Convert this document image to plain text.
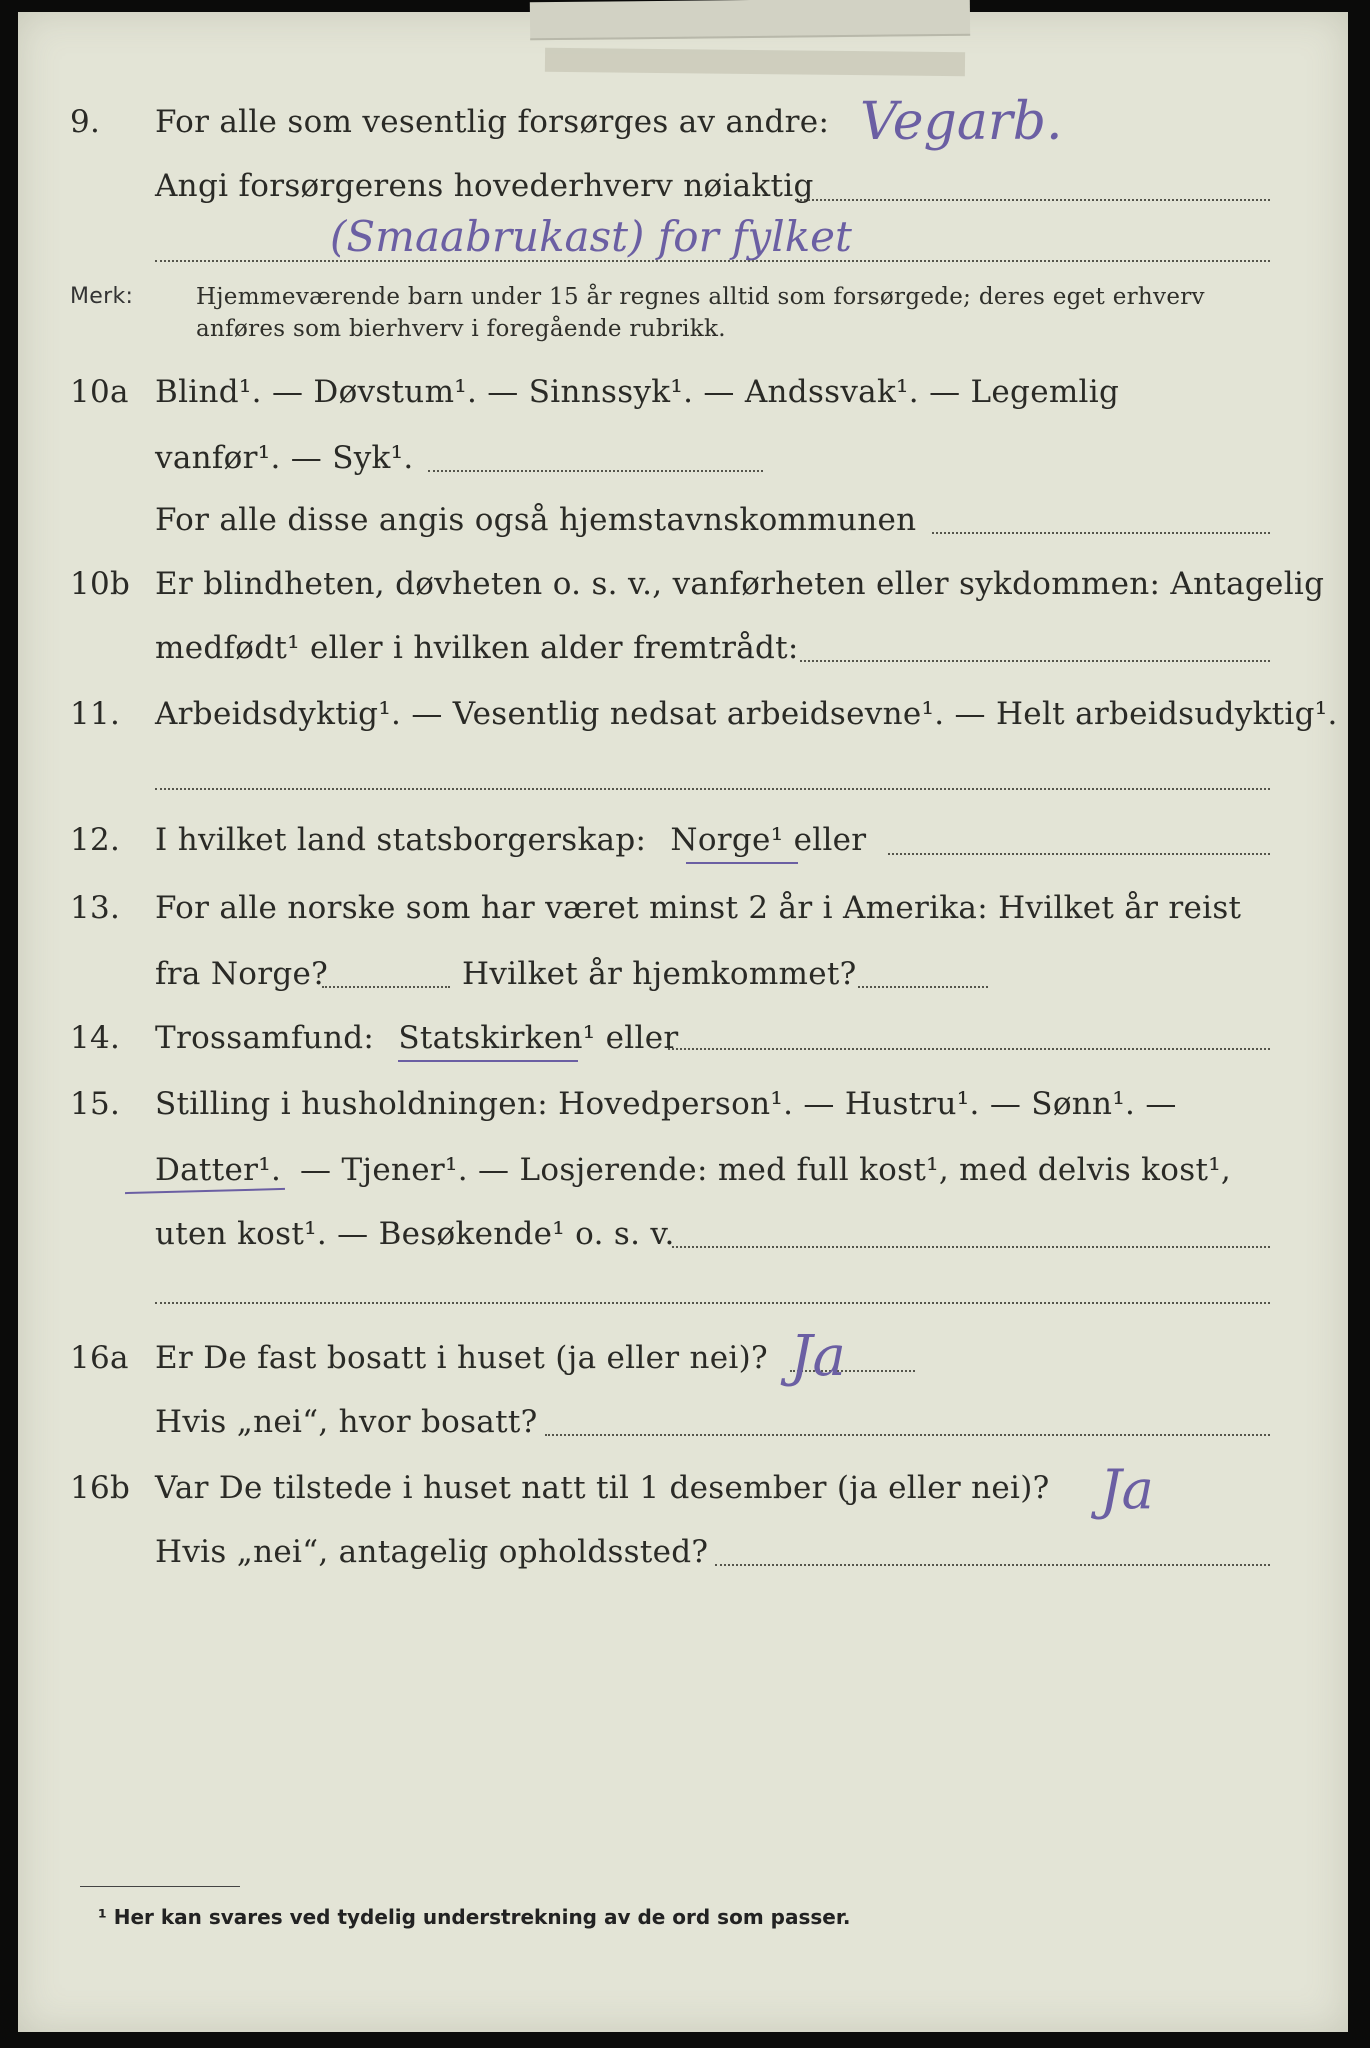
9. For alle som vesentlig forsørges av andre: Vegarb.
Angi forsørgerens hovederhverv nøiaktig
(Smaabrukast) for fylket
Merk:	Hjemmeværende barn under 15 år regnes alltid som forsørgede; deres eget erhverv
anføres som bierhverv i foregående rubrikk.
10a Blind¹. — Døvstum¹. — Sinnssyk¹. — Andssvak¹. — Legemlig
vanfør¹. — Syk¹.
For alle disse angis også hjemstavnskommunen
10b Er blindheten, døvheten o. s. v., vanførheten eller sykdommen: Antagelig
medfødt¹ eller i hvilken alder fremtrådt:
11. Arbeidsdyktig¹. — Vesentlig nedsat arbeidsevne¹. — Helt arbeidsudyktig¹.
12. I hvilket land statsborgerskap: Norge¹ eller
13. For alle norske som har været minst 2 år i Amerika: Hvilket år reist
fra Norge?	Hvilket år hjemkommet?
14. Trossamfund: Statskirken¹ eller
15. Stilling i husholdningen: Hovedperson¹. — Hustru¹. — Sønn¹. —
Datter¹. — Tjener¹. — Losjerende: med full kost¹, med delvis kost¹,
uten kost¹. — Besøkende¹ o. s. v.
16a Er De fast bosatt i huset (ja eller nei)? Ja
Hvis „nei“, hvor bosatt?
16b Var De tilstede i huset natt til 1 desember (ja eller nei)? Ja
Hvis „nei“, antagelig opholdssted?
¹ Her kan svares ved tydelig understrekning av de ord som passer.
